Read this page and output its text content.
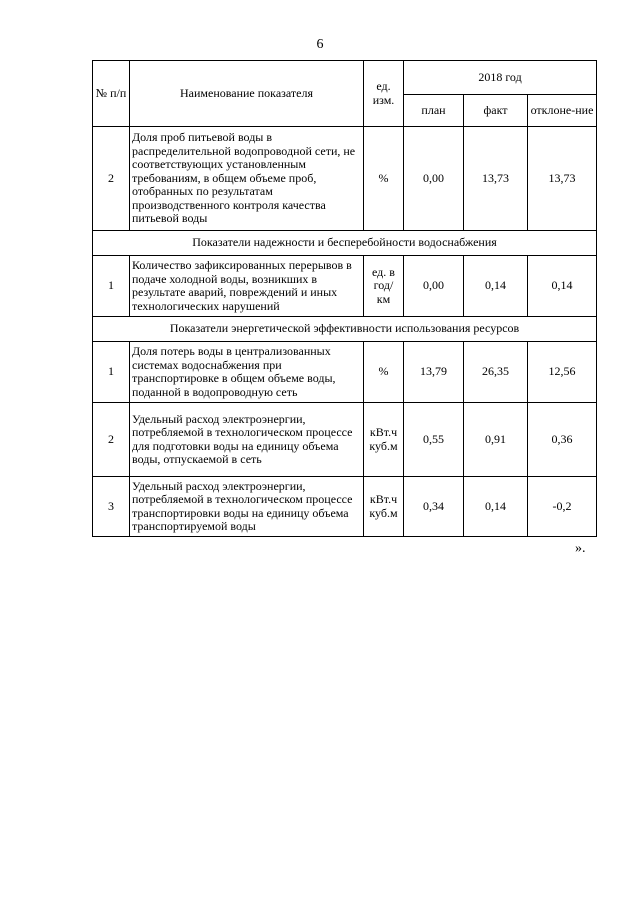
6
№ п/п	Наименование показателя	ед. изм.	2018 год		
			план	факт	отклоне-ние
2	Доля проб питьевой воды в распределительной водопроводной сети, не соответствующих установленным требованиям, в общем объеме проб, отобранных по результатам производственного контроля качества питьевой воды	%	0,00	13,73	13,73
Показатели надежности и бесперебойности водоснабжения					
1	Количество зафиксированных перерывов в подаче холодной воды, возникших в результате аварий, повреждений и иных технологических нарушений	ед. в год/ км	0,00	0,14	0,14
Показатели энергетической эффективности использования ресурсов					
1	Доля потерь воды в централизованных системах водоснабжения при транспортировке в общем объеме воды, поданной в водопроводную сеть	%	13,79	26,35	12,56
2	Удельный расход электроэнергии, потребляемой в технологическом процессе для подготовки воды на единицу объема воды, отпускаемой в сеть	кВт.ч куб.м	0,55	0,91	0,36
3	Удельный расход электроэнергии, потребляемой в технологическом процессе транспортировки воды на единицу объема транспортируемой воды	кВт.ч куб.м	0,34	0,14	-0,2
».
